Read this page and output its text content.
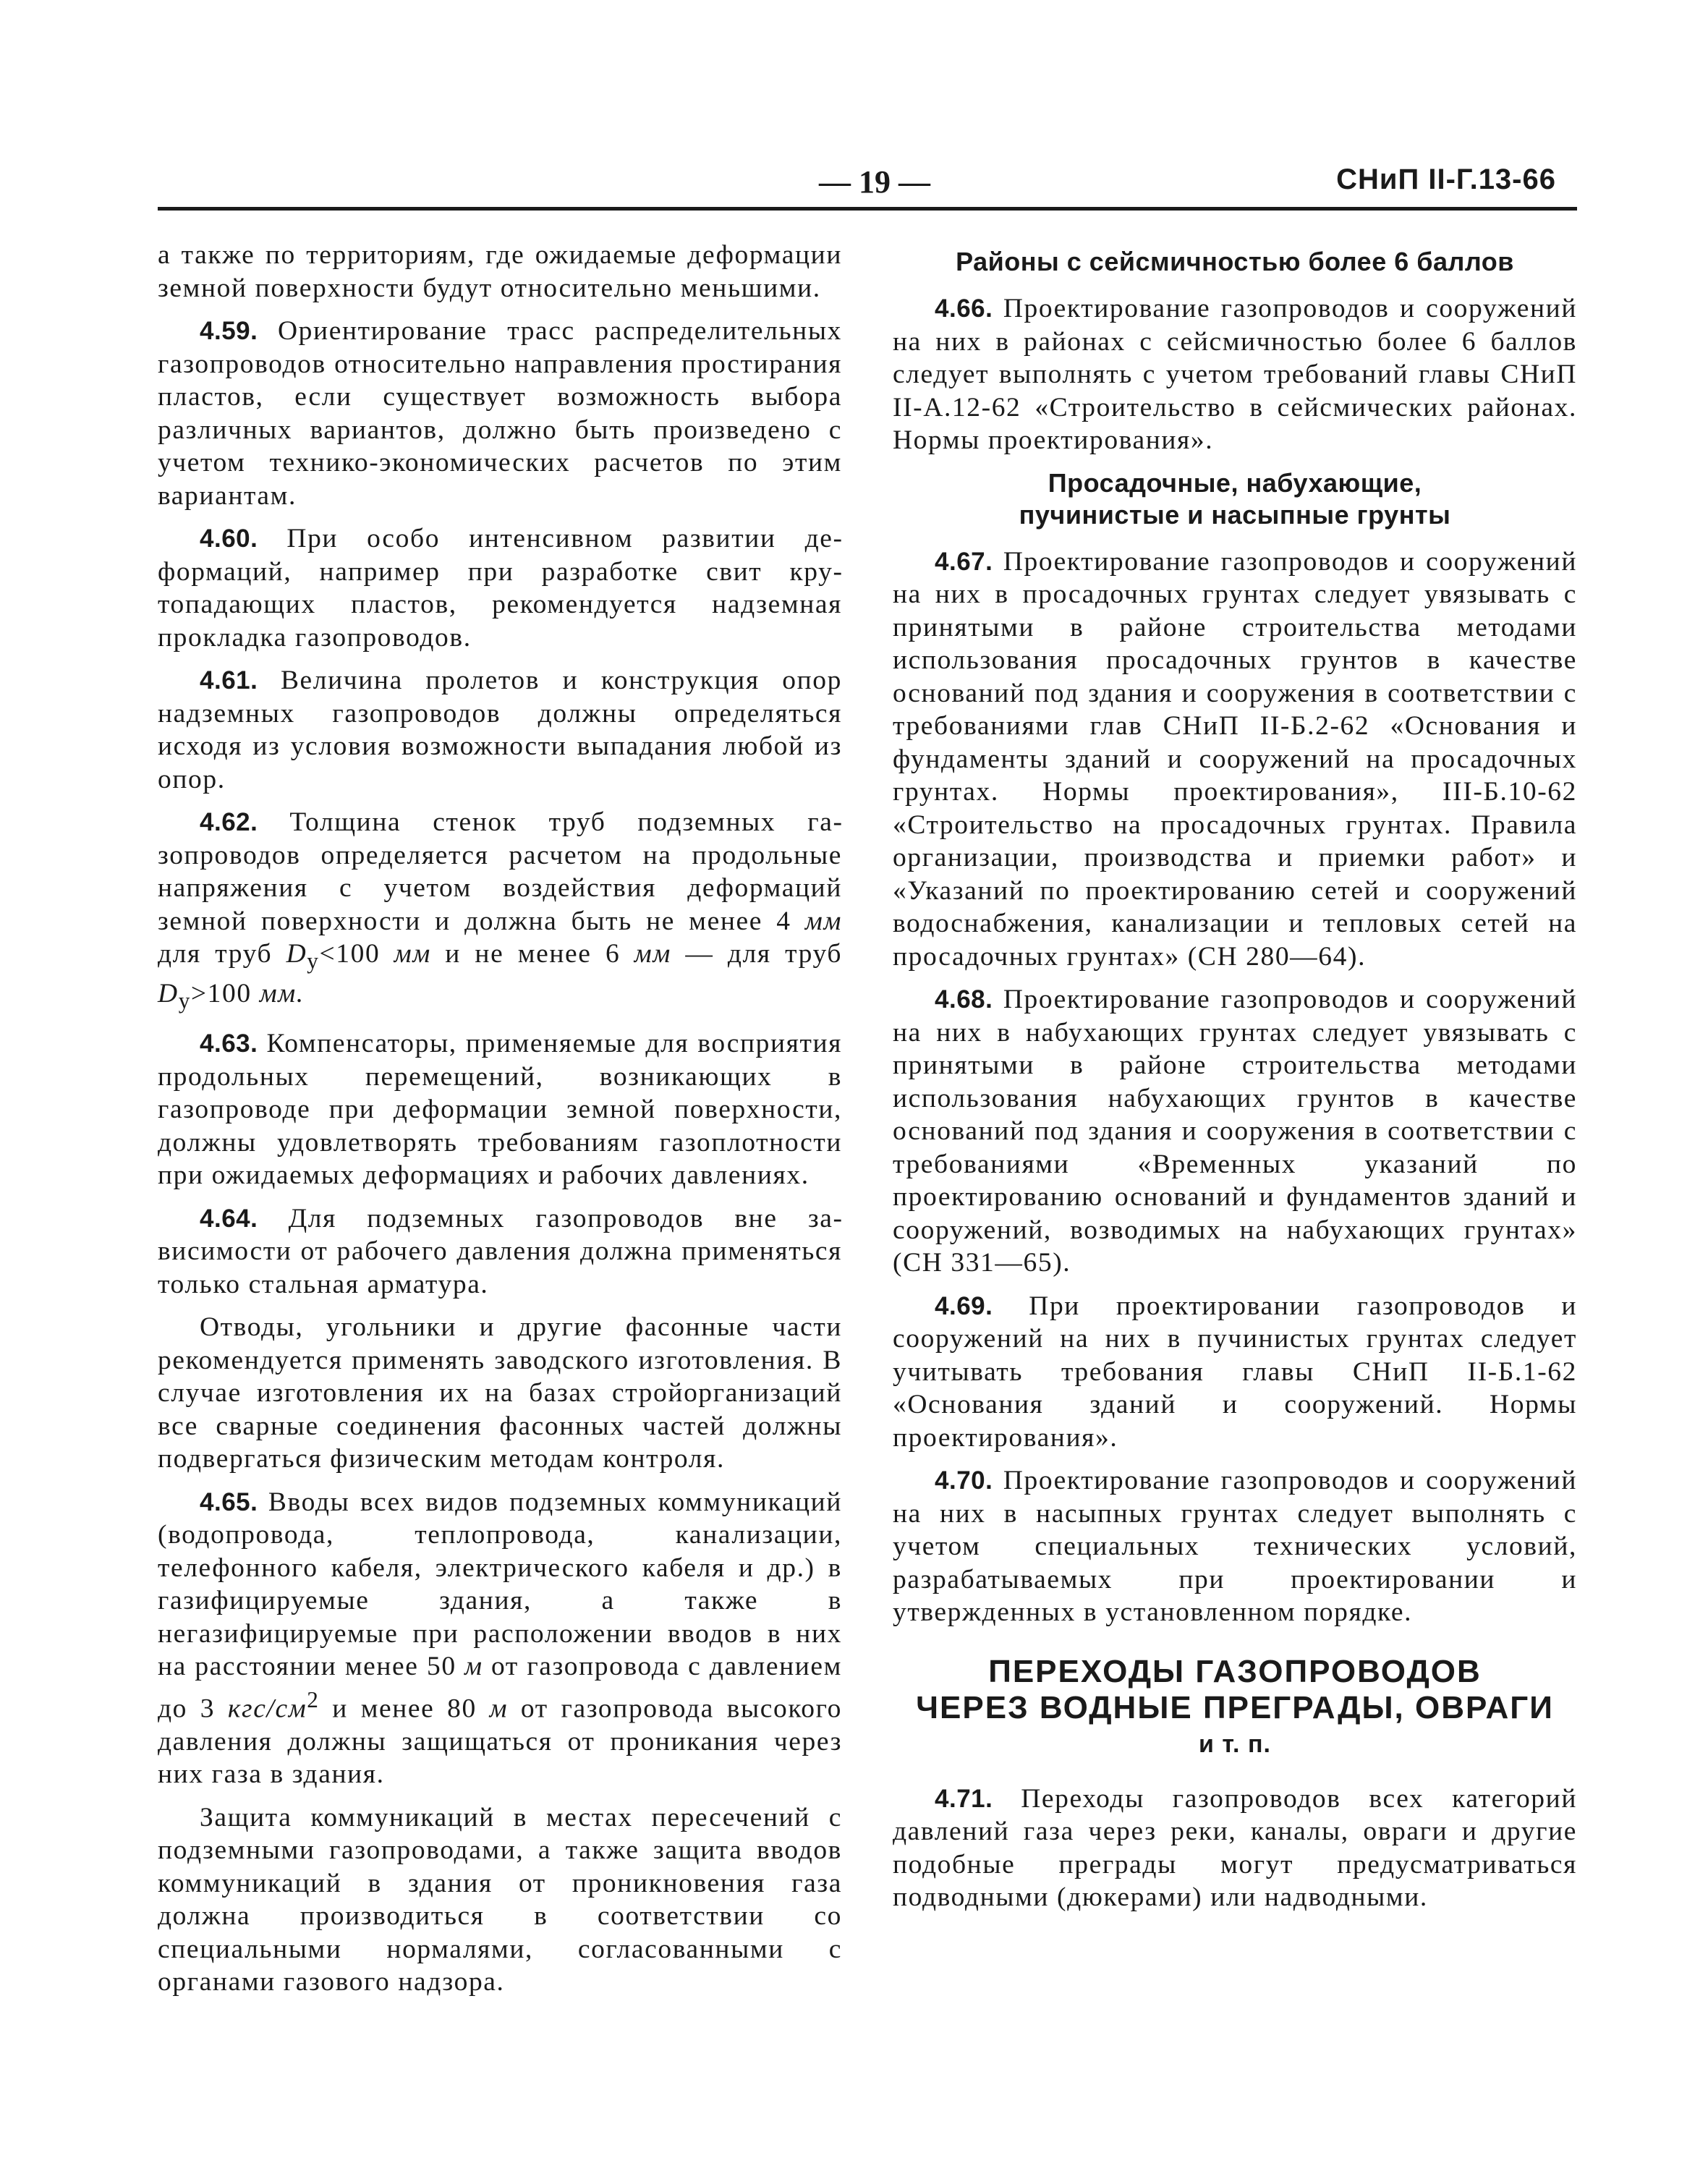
— 19 —	СНиП II-Г.13-66

а также по территориям, где ожидаемые деформации земной поверхности будут относительно меньшими.

4.59. Ориентирование трасс распределительных газопроводов относительно направления простирания пластов, если существует возможность выбора различных вариантов, должно быть произведено с учетом технико-экономических расчетов по этим вариантам.

4.60. При особо интенсивном развитии деформаций, например при разработке свит крутопадающих пластов, рекомендуется надземная прокладка газопроводов.

4.61. Величина пролетов и конструкция опор надземных газопроводов должны определяться исходя из условия возможности выпадания любой из опор.

4.62. Толщина стенок труб подземных газопроводов определяется расчетом на продольные напряжения с учетом воздействия деформаций земной поверхности и должна быть не менее 4 мм для труб $D_у<100$ мм и не менее 6 мм — для труб $D_у>100$ мм.

4.63. Компенсаторы, применяемые для восприятия продольных перемещений, возникающих в газопроводе при деформации земной поверхности, должны удовлетворять требованиям газоплотности при ожидаемых деформациях и рабочих давлениях.

4.64. Для подземных газопроводов вне зависимости от рабочего давления должна применяться только стальная арматура.

Отводы, угольники и другие фасонные части рекомендуется применять заводского изготовления. В случае изготовления их на базах стройорганизаций все сварные соединения фасонных частей должны подвергаться физическим методам контроля.

4.65. Вводы всех видов подземных коммуникаций (водопровода, теплопровода, канализации, телефонного кабеля, электрического кабеля и др.) в газифицируемые здания, а также в негазифицируемые при расположении вводов в них на расстоянии менее 50 м от газопровода с давлением до 3 кгс/$см^2$ и менее 80 м от газопровода высокого давления должны защищаться от проникания через них газа в здания.

Защита коммуникаций в местах пересечений с подземными газопроводами, а также защита вводов коммуникаций в здания от проникновения газа должна производиться в соответствии со специальными нормалями, согласованными с органами газового надзора.

Районы с сейсмичностью более 6 баллов

4.66. Проектирование газопроводов и сооружений на них в районах с сейсмичностью более 6 баллов следует выполнять с учетом требований главы СНиП II-А.12-62 «Строительство в сейсмических районах. Нормы проектирования».

Просадочные, набухающие,
пучинистые и насыпные грунты

4.67. Проектирование газопроводов и сооружений на них в просадочных грунтах следует увязывать с принятыми в районе строительства методами использования просадочных грунтов в качестве оснований под здания и сооружения в соответствии с требованиями глав СНиП II-Б.2-62 «Основания и фундаменты зданий и сооружений на просадочных грунтах. Нормы проектирования», III-Б.10-62 «Строительство на просадочных грунтах. Правила организации, производства и приемки работ» и «Указаний по проектированию сетей и сооружений водоснабжения, канализации и тепловых сетей на просадочных грунтах» (СН 280—64).

4.68. Проектирование газопроводов и сооружений на них в набухающих грунтах следует увязывать с принятыми в районе строительства методами использования набухающих грунтов в качестве оснований под здания и сооружения в соответствии с требованиями «Временных указаний по проектированию оснований и фундаментов зданий и сооружений, возводимых на набухающих грунтах» (СН 331—65).

4.69. При проектировании газопроводов и сооружений на них в пучинистых грунтах следует учитывать требования главы СНиП II-Б.1-62 «Основания зданий и сооружений. Нормы проектирования».

4.70. Проектирование газопроводов и сооружений на них в насыпных грунтах следует выполнять с учетом специальных технических условий, разрабатываемых при проектировании и утвержденных в установленном порядке.

ПЕРЕХОДЫ ГАЗОПРОВОДОВ
ЧЕРЕЗ ВОДНЫЕ ПРЕГРАДЫ, ОВРАГИ
и т. п.

4.71. Переходы газопроводов всех категорий давлений газа через реки, каналы, овраги и другие подобные преграды могут предусматриваться подводными (дюкерами) или надводными.
